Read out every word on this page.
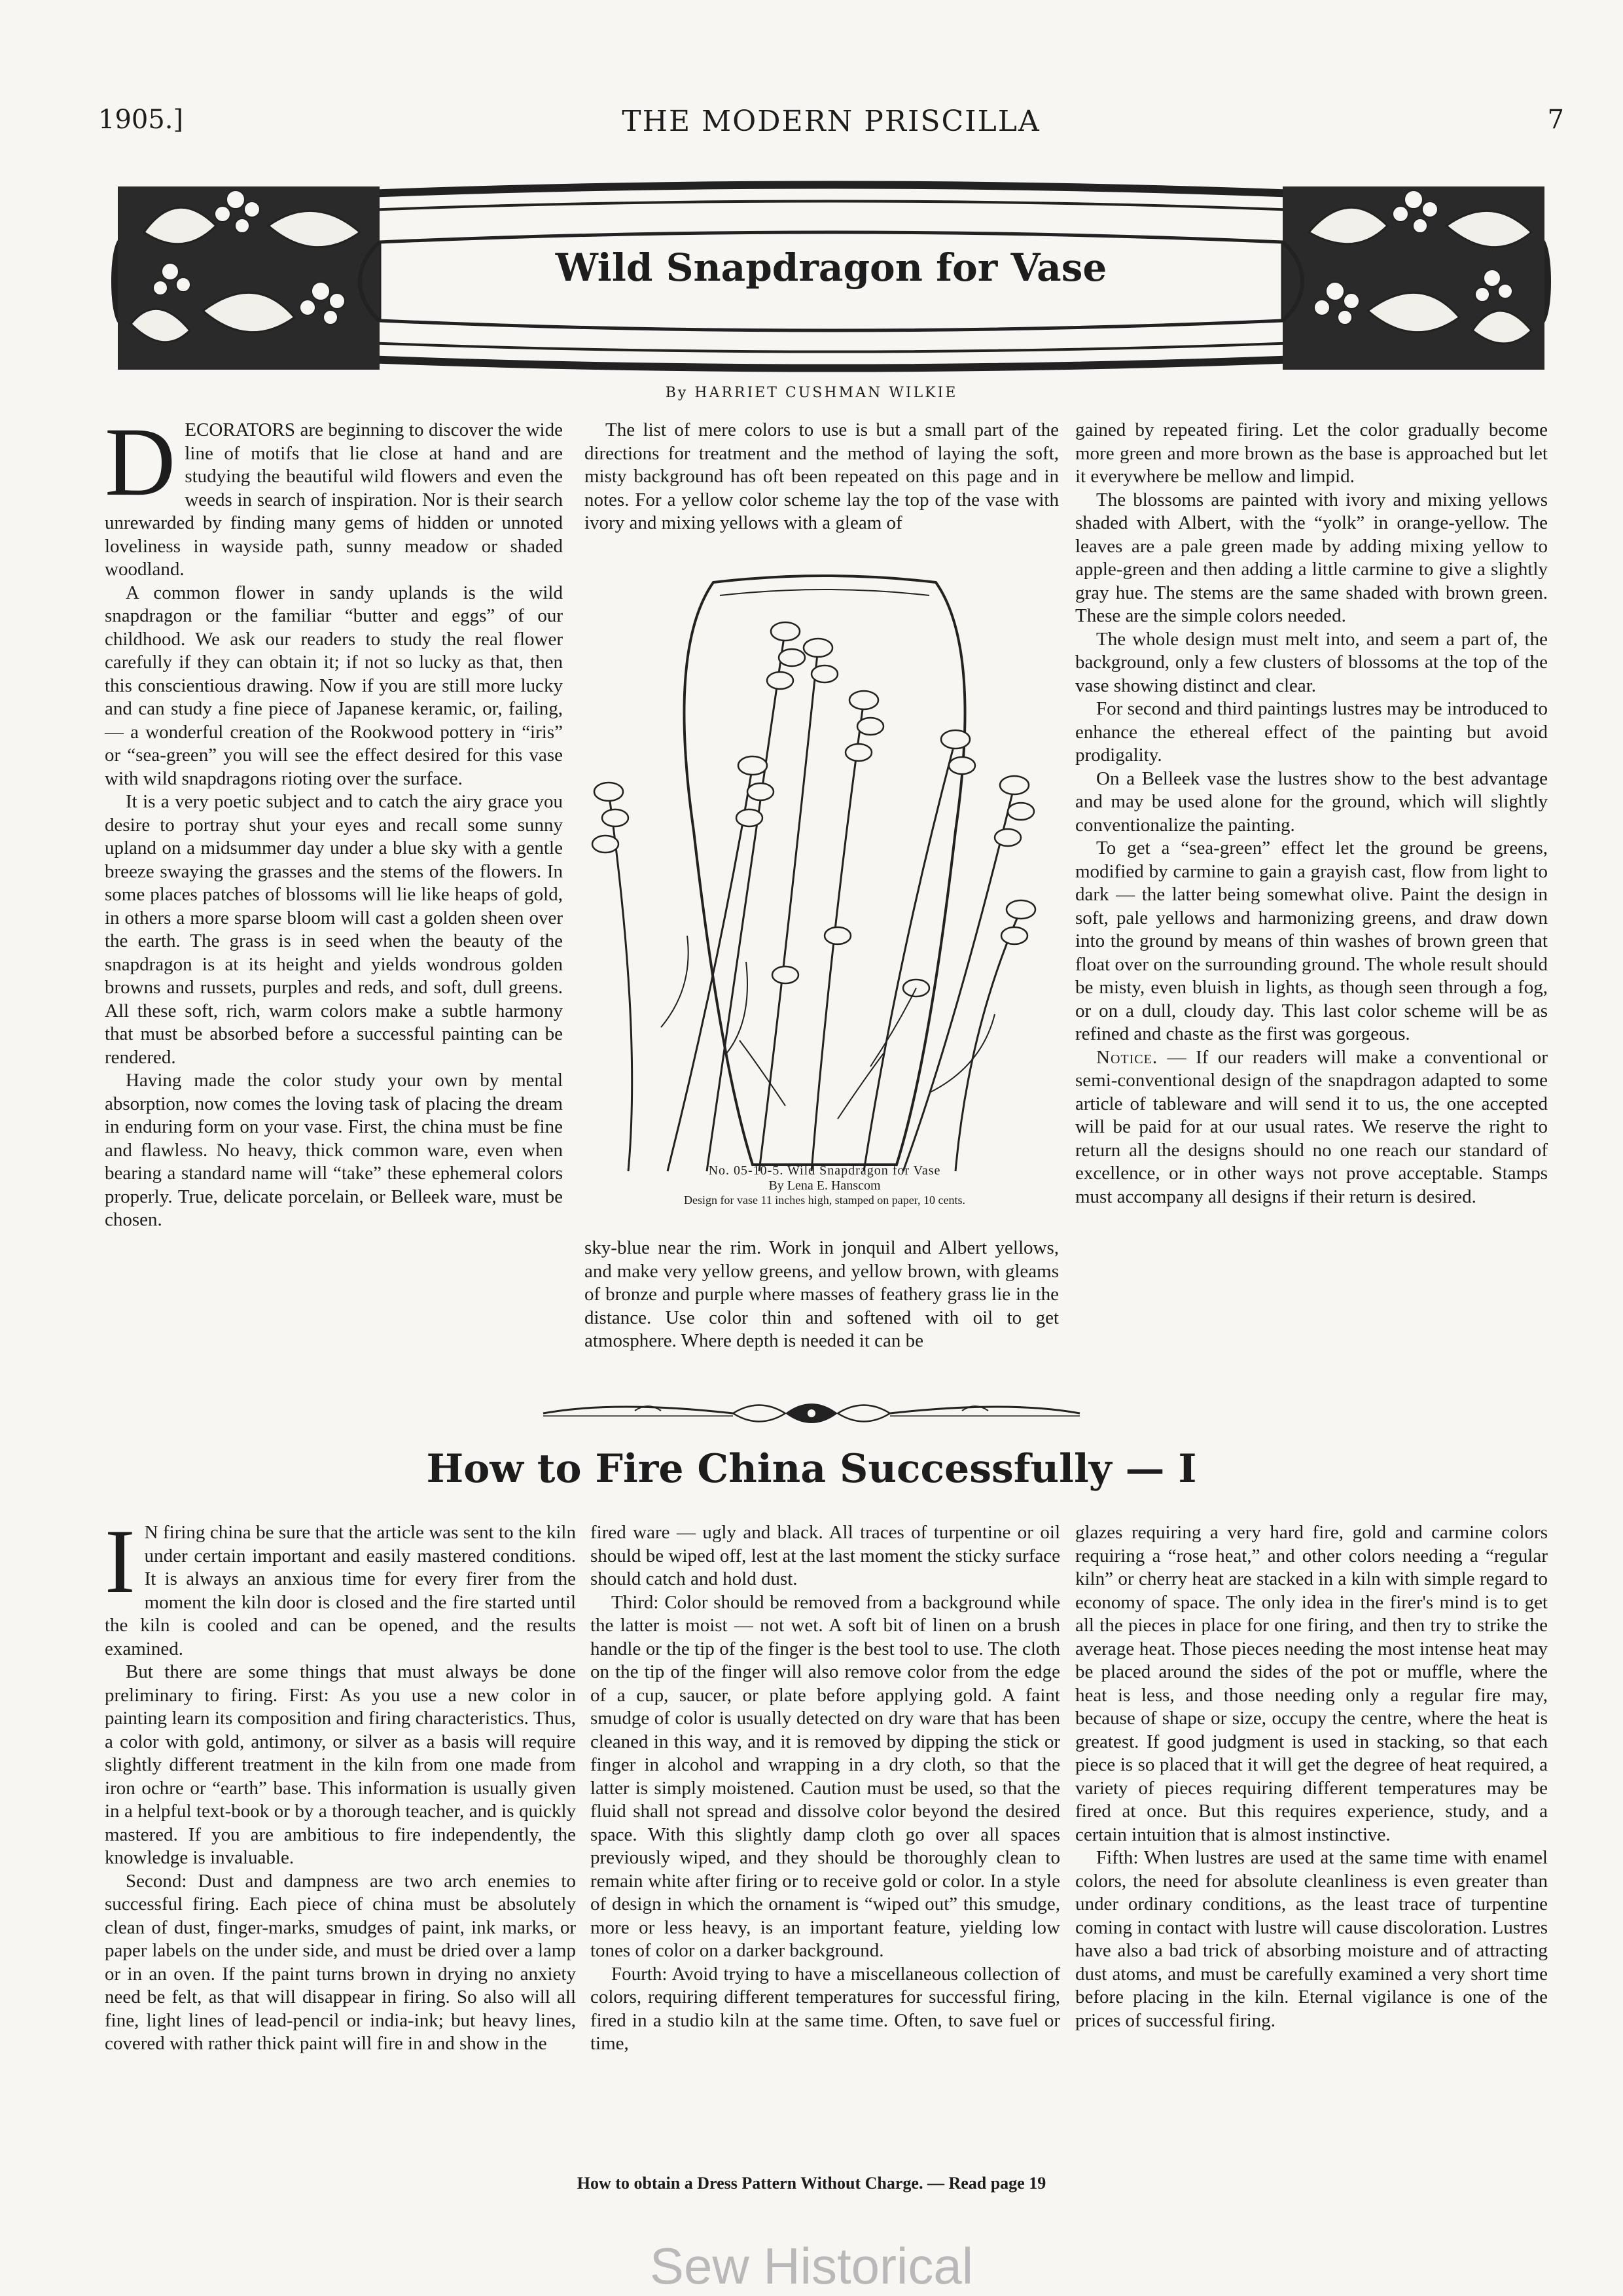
1905.]	THE MODERN PRISCILLA	7
Wild Snapdragon for Vase
By HARRIET CUSHMAN WILKIE
D ECORATORS are beginning to discover the wide line of motifs that lie close at hand and are studying the beautiful wild flowers and even the weeds in search of inspiration. Nor is their search unrewarded by finding many gems of hidden or unnoted loveliness in wayside path, sunny meadow or shaded woodland.

A common flower in sandy uplands is the wild snapdragon or the familiar “butter and eggs” of our childhood. We ask our readers to study the real flower carefully if they can obtain it; if not so lucky as that, then this conscientious drawing. Now if you are still more lucky and can study a fine piece of Japanese keramic, or, failing, — a wonderful creation of the Rookwood pottery in “iris” or “sea-green” you will see the effect desired for this vase with wild snapdragons rioting over the surface.

It is a very poetic subject and to catch the airy grace you desire to portray shut your eyes and recall some sunny upland on a midsummer day under a blue sky with a gentle breeze swaying the grasses and the stems of the flowers. In some places patches of blossoms will lie like heaps of gold, in others a more sparse bloom will cast a golden sheen over the earth. The grass is in seed when the beauty of the snapdragon is at its height and yields wondrous golden browns and russets, purples and reds, and soft, dull greens. All these soft, rich, warm colors make a subtle harmony that must be absorbed before a successful painting can be rendered.

Having made the color study your own by mental absorption, now comes the loving task of placing the dream in enduring form on your vase. First, the china must be fine and flawless. No heavy, thick common ware, even when bearing a standard name will “take” these ephemeral colors properly. True, delicate porcelain, or Belleek ware, must be chosen.

The list of mere colors to use is but a small part of the directions for treatment and the method of laying the soft, misty background has oft been repeated on this page and in notes. For a yellow color scheme lay the top of the vase with ivory and mixing yellows with a gleam of

No. 05-10-5. Wild Snapdragon for Vase
By Lena E. Hanscom
Design for vase 11 inches high, stamped on paper, 10 cents.

sky-blue near the rim. Work in jonquil and Albert yellows, and make very yellow greens, and yellow brown, with gleams of bronze and purple where masses of feathery grass lie in the distance. Use color thin and softened with oil to get atmosphere. Where depth is needed it can be

gained by repeated firing. Let the color gradually become more green and more brown as the base is approached but let it everywhere be mellow and limpid.

The blossoms are painted with ivory and mixing yellows shaded with Albert, with the “yolk” in orange-yellow. The leaves are a pale green made by adding mixing yellow to apple-green and then adding a little carmine to give a slightly gray hue. The stems are the same shaded with brown green. These are the simple colors needed.

The whole design must melt into, and seem a part of, the background, only a few clusters of blossoms at the top of the vase showing distinct and clear.

For second and third paintings lustres may be introduced to enhance the ethereal effect of the painting but avoid prodigality.

On a Belleek vase the lustres show to the best advantage and may be used alone for the ground, which will slightly conventionalize the painting.

To get a “sea-green” effect let the ground be greens, modified by carmine to gain a grayish cast, flow from light to dark — the latter being somewhat olive. Paint the design in soft, pale yellows and harmonizing greens, and draw down into the ground by means of thin washes of brown green that float over on the surrounding ground. The whole result should be misty, even bluish in lights, as though seen through a fog, or on a dull, cloudy day. This last color scheme will be as refined and chaste as the first was gorgeous.

Notice. — If our readers will make a conventional or semi-conventional design of the snapdragon adapted to some article of tableware and will send it to us, the one accepted will be paid for at our usual rates. We reserve the right to return all the designs should no one reach our standard of excellence, or in other ways not prove acceptable. Stamps must accompany all designs if their return is desired.

How to Fire China Successfully — I
I N firing china be sure that the article was sent to the kiln under certain important and easily mastered conditions. It is always an anxious time for every firer from the moment the kiln door is closed and the fire started until the kiln is cooled and can be opened, and the results examined.

But there are some things that must always be done preliminary to firing. First: As you use a new color in painting learn its composition and firing characteristics. Thus, a color with gold, antimony, or silver as a basis will require slightly different treatment in the kiln from one made from iron ochre or “earth” base. This information is usually given in a helpful text-book or by a thorough teacher, and is quickly mastered. If you are ambitious to fire independently, the knowledge is invaluable.

Second: Dust and dampness are two arch enemies to successful firing. Each piece of china must be absolutely clean of dust, finger-marks, smudges of paint, ink marks, or paper labels on the under side, and must be dried over a lamp or in an oven. If the paint turns brown in drying no anxiety need be felt, as that will disappear in firing. So also will all fine, light lines of lead-pencil or india-ink; but heavy lines, covered with rather thick paint will fire in and show in the

fired ware — ugly and black. All traces of turpentine or oil should be wiped off, lest at the last moment the sticky surface should catch and hold dust.

Third: Color should be removed from a background while the latter is moist — not wet. A soft bit of linen on a brush handle or the tip of the finger is the best tool to use. The cloth on the tip of the finger will also remove color from the edge of a cup, saucer, or plate before applying gold. A faint smudge of color is usually detected on dry ware that has been cleaned in this way, and it is removed by dipping the stick or finger in alcohol and wrapping in a dry cloth, so that the latter is simply moistened. Caution must be used, so that the fluid shall not spread and dissolve color beyond the desired space. With this slightly damp cloth go over all spaces previously wiped, and they should be thoroughly clean to remain white after firing or to receive gold or color. In a style of design in which the ornament is “wiped out” this smudge, more or less heavy, is an important feature, yielding low tones of color on a darker background.

Fourth: Avoid trying to have a miscellaneous collection of colors, requiring different temperatures for successful firing, fired in a studio kiln at the same time. Often, to save fuel or time,

glazes requiring a very hard fire, gold and carmine colors requiring a “rose heat,” and other colors needing a “regular kiln” or cherry heat are stacked in a kiln with simple regard to economy of space. The only idea in the firer's mind is to get all the pieces in place for one firing, and then try to strike the average heat. Those pieces needing the most intense heat may be placed around the sides of the pot or muffle, where the heat is less, and those needing only a regular fire may, because of shape or size, occupy the centre, where the heat is greatest. If good judgment is used in stacking, so that each piece is so placed that it will get the degree of heat required, a variety of pieces requiring different temperatures may be fired at once. But this requires experience, study, and a certain intuition that is almost instinctive.

Fifth: When lustres are used at the same time with enamel colors, the need for absolute cleanliness is even greater than under ordinary conditions, as the least trace of turpentine coming in contact with lustre will cause discoloration. Lustres have also a bad trick of absorbing moisture and of attracting dust atoms, and must be carefully examined a very short time before placing in the kiln. Eternal vigilance is one of the prices of successful firing.

How to obtain a Dress Pattern Without Charge. — Read page 19
Sew Historical
